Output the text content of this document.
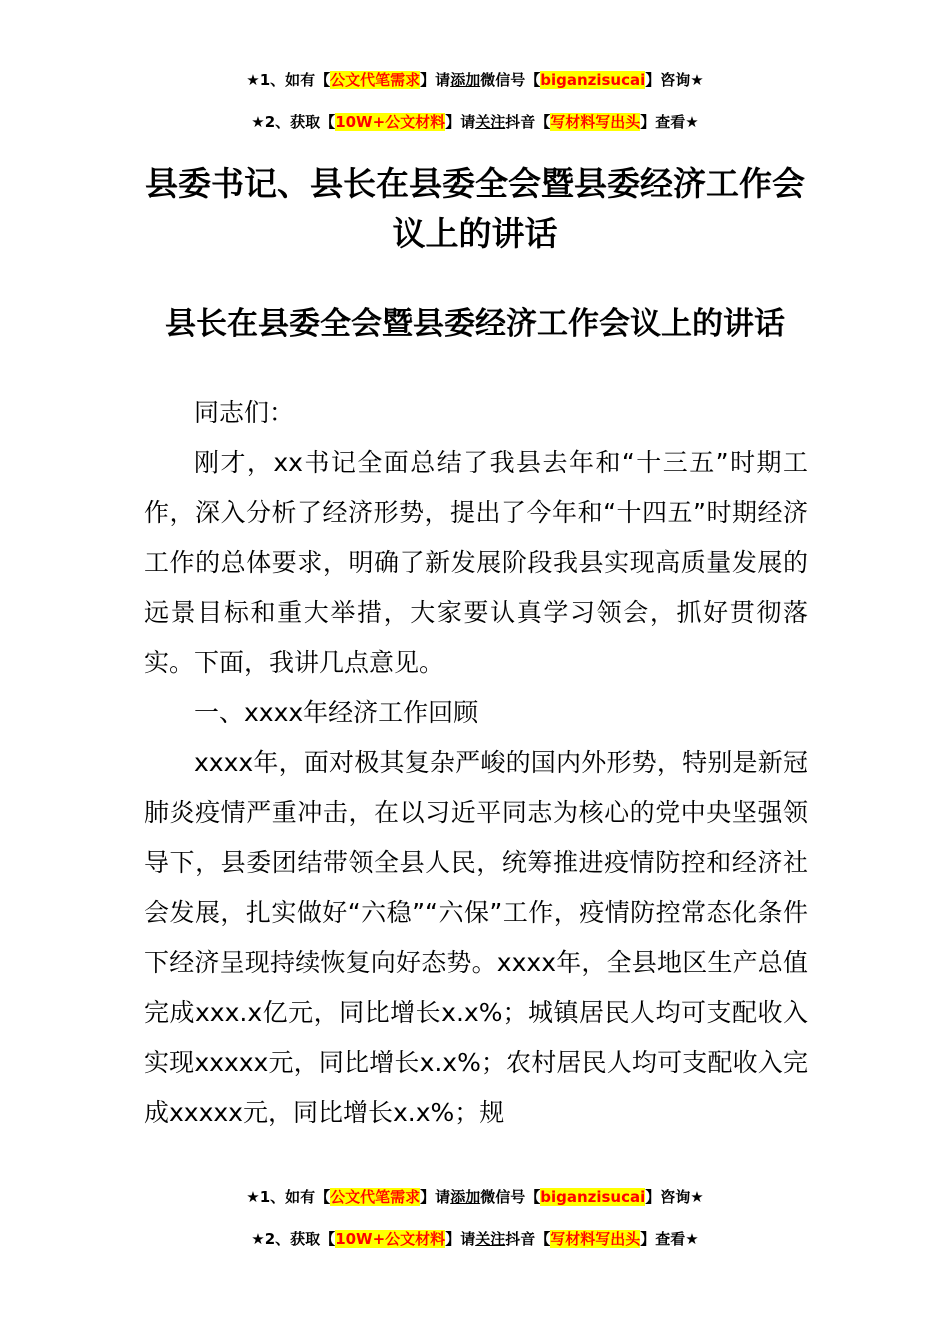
★1、如有【公文代笔需求】请添加微信号【biganzisucai】咨询★
★2、获取【10W+公文材料】请关注抖音【写材料写出头】查看★
县委书记、县长在县委全会暨县委经济工作会议上的讲话
县长在县委全会暨县委经济工作会议上的讲话

同志们：

刚才，xx书记全面总结了我县去年和“十三五”时期工作，深入分析了经济形势，提出了今年和“十四五”时期经济工作的总体要求，明确了新发展阶段我县实现高质量发展的远景目标和重大举措，大家要认真学习领会，抓好贯彻落实。下面，我讲几点意见。

一、xxxx年经济工作回顾

xxxx年，面对极其复杂严峻的国内外形势，特别是新冠肺炎疫情严重冲击，在以习近平同志为核心的党中央坚强领导下，县委团结带领全县人民，统筹推进疫情防控和经济社会发展，扎实做好“六稳”“六保”工作，疫情防控常态化条件下经济呈现持续恢复向好态势。xxxx年，全县地区生产总值完成xxx.x亿元，同比增长x.x%；城镇居民人均可支配收入实现xxxxx元，同比增长x.x%；农村居民人均可支配收入完成xxxxx元，同比增长x.x%；规

★1、如有【公文代笔需求】请添加微信号【biganzisucai】咨询★
★2、获取【10W+公文材料】请关注抖音【写材料写出头】查看★
